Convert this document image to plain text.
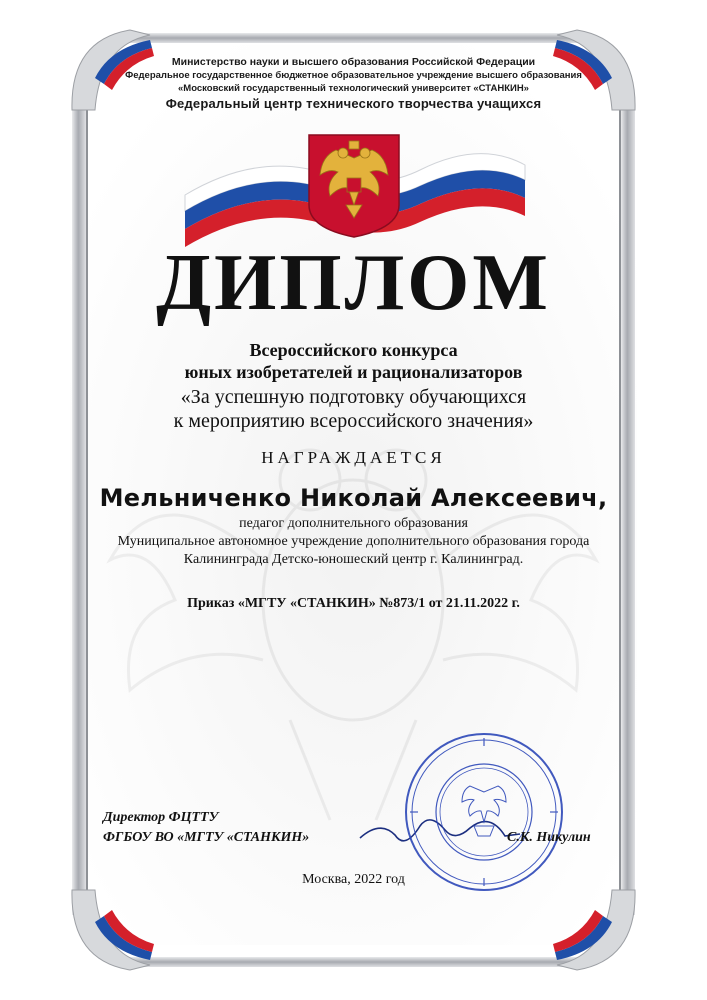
Министерство науки и высшего образования Российской Федерации
Федеральное государственное бюджетное образовательное учреждение высшего образования
«Московский государственный технологический университет «СТАНКИН»
Федеральный центр технического творчества учащихся
ДИПЛОМ
Всероссийского конкурса
юных изобретателей и рационализаторов
«За успешную подготовку обучающихся
к мероприятию всероссийского значения»
НАГРАЖДАЕТСЯ
Мельниченко Николай Алексеевич,
педагог дополнительного образования
Муниципальное автономное учреждение дополнительного образования города
Калининграда Детско-юношеский центр г. Калининград.
Приказ «МГТУ «СТАНКИН» №873/1 от 21.11.2022 г.
Директор ФЦТТУ
ФГБОУ ВО «МГТУ «СТАНКИН»	С.К. Никулин
Москва, 2022 год
